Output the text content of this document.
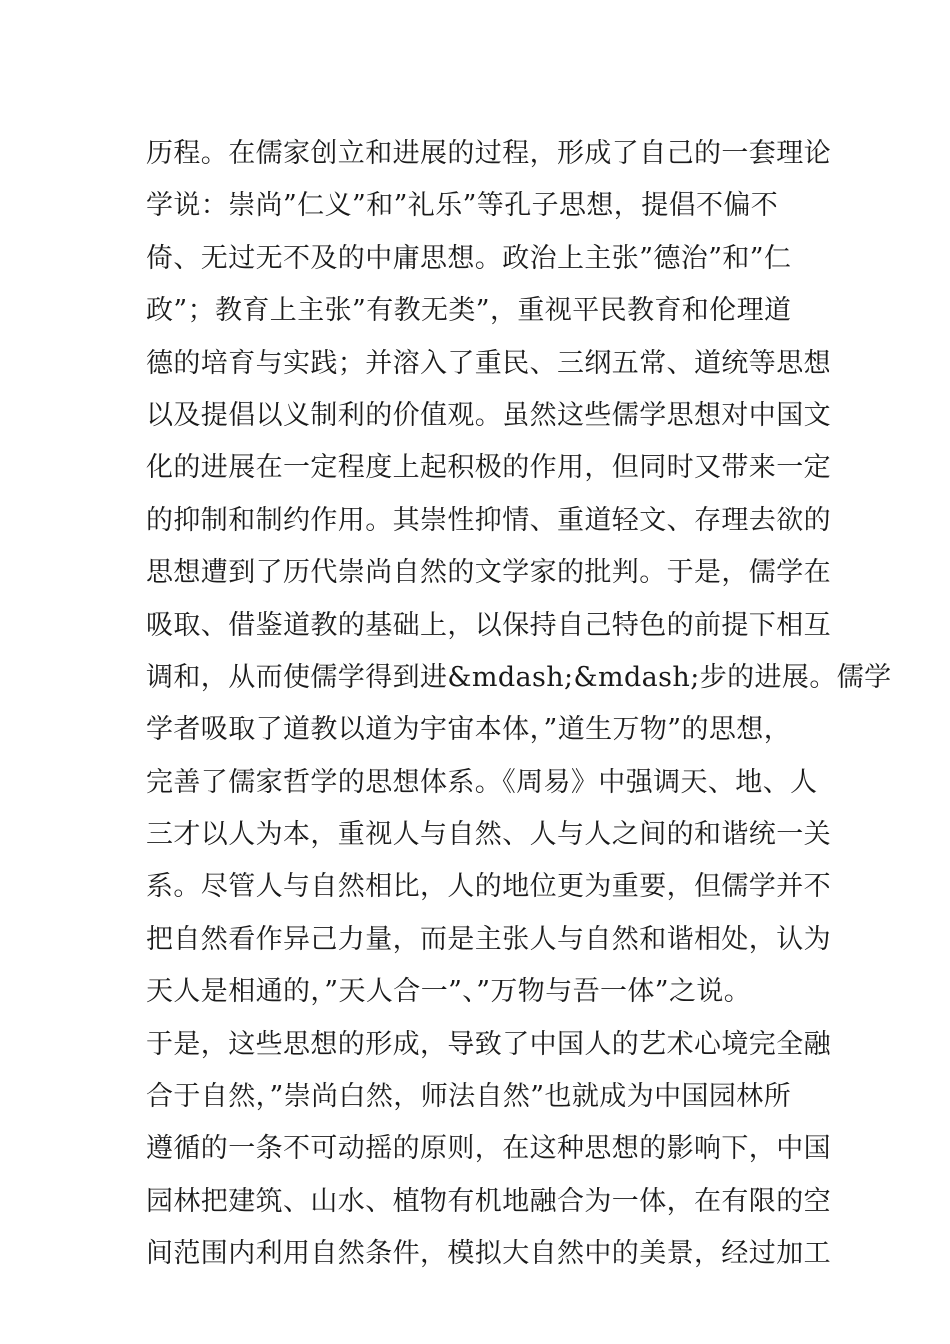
历程。在儒家创立和进展的过程，形成了自己的一套理论
学说：崇尚”仁义”和”礼乐”等孔子思想，提倡不偏不
倚、无过无不及的中庸思想。政治上主张”德治”和”仁
政”；教育上主张”有教无类”，重视平民教育和伦理道
德的培育与实践；并溶入了重民、三纲五常、道统等思想
以及提倡以义制利的价值观。虽然这些儒学思想对中国文
化的进展在一定程度上起积极的作用，但同时又带来一定
的抑制和制约作用。其崇性抑情、重道轻文、存理去欲的
思想遭到了历代崇尚自然的文学家的批判。于是，儒学在
吸取、借鉴道教的基础上，以保持自己特色的前提下相互
调和，从而使儒学得到进&mdash;&mdash;步的进展。儒学
学者吸取了道教以道为宇宙本体，”道生万物”的思想，
完善了儒家哲学的思想体系。《周易》中强调天、地、人
三才以人为本，重视人与自然、人与人之间的和谐统一关
系。尽管人与自然相比，人的地位更为重要，但儒学并不
把自然看作异己力量，而是主张人与自然和谐相处，认为
天人是相通的，”天人合一”、”万物与吾一体”之说。
于是，这些思想的形成，导致了中国人的艺术心境完全融
合于自然，”崇尚白然，师法自然”也就成为中国园林所
遵循的一条不可动摇的原则，在这种思想的影响下，中国
园林把建筑、山水、植物有机地融合为一体，在有限的空
间范围内利用自然条件，模拟大自然中的美景，经过加工
